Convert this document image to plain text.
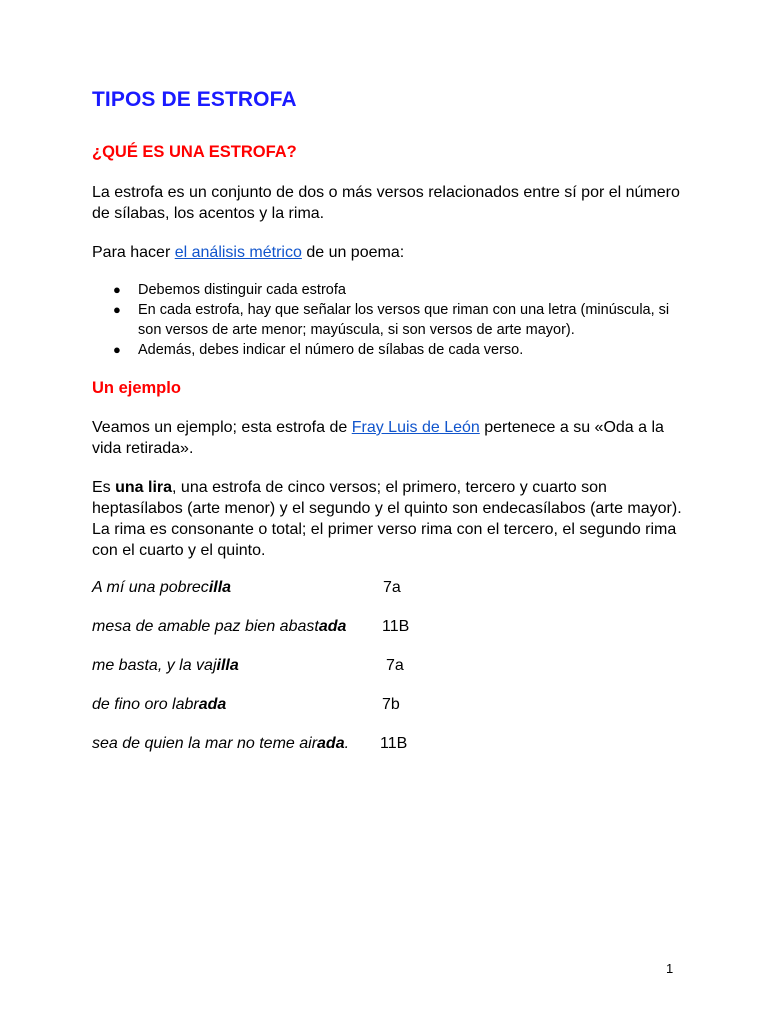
TIPOS DE ESTROFA
¿QUÉ ES UNA ESTROFA?

La estrofa es un conjunto de dos o más versos relacionados entre sí por el número de sílabas, los acentos y la rima.

Para hacer el análisis métrico de un poema:

● Debemos distinguir cada estrofa
● En cada estrofa, hay que señalar los versos que riman con una letra (minúscula, si son versos de arte menor; mayúscula, si son versos de arte mayor).
● Además, debes indicar el número de sílabas de cada verso.
Un ejemplo

Veamos un ejemplo; esta estrofa de Fray Luis de León pertenece a su «Oda a la vida retirada».

Es una lira, una estrofa de cinco versos; el primero, tercero y cuarto son heptasílabos (arte menor) y el segundo y el quinto son endecasílabos (arte mayor). La rima es consonante o total; el primer verso rima con el tercero, el segundo rima con el cuarto y el quinto.

A mí una pobrecilla	7a
mesa de amable paz bien abastada 11B
me basta, y la vajilla	7a
de fino oro labrada	7b
sea de quien la mar no teme airada. 11B
1
